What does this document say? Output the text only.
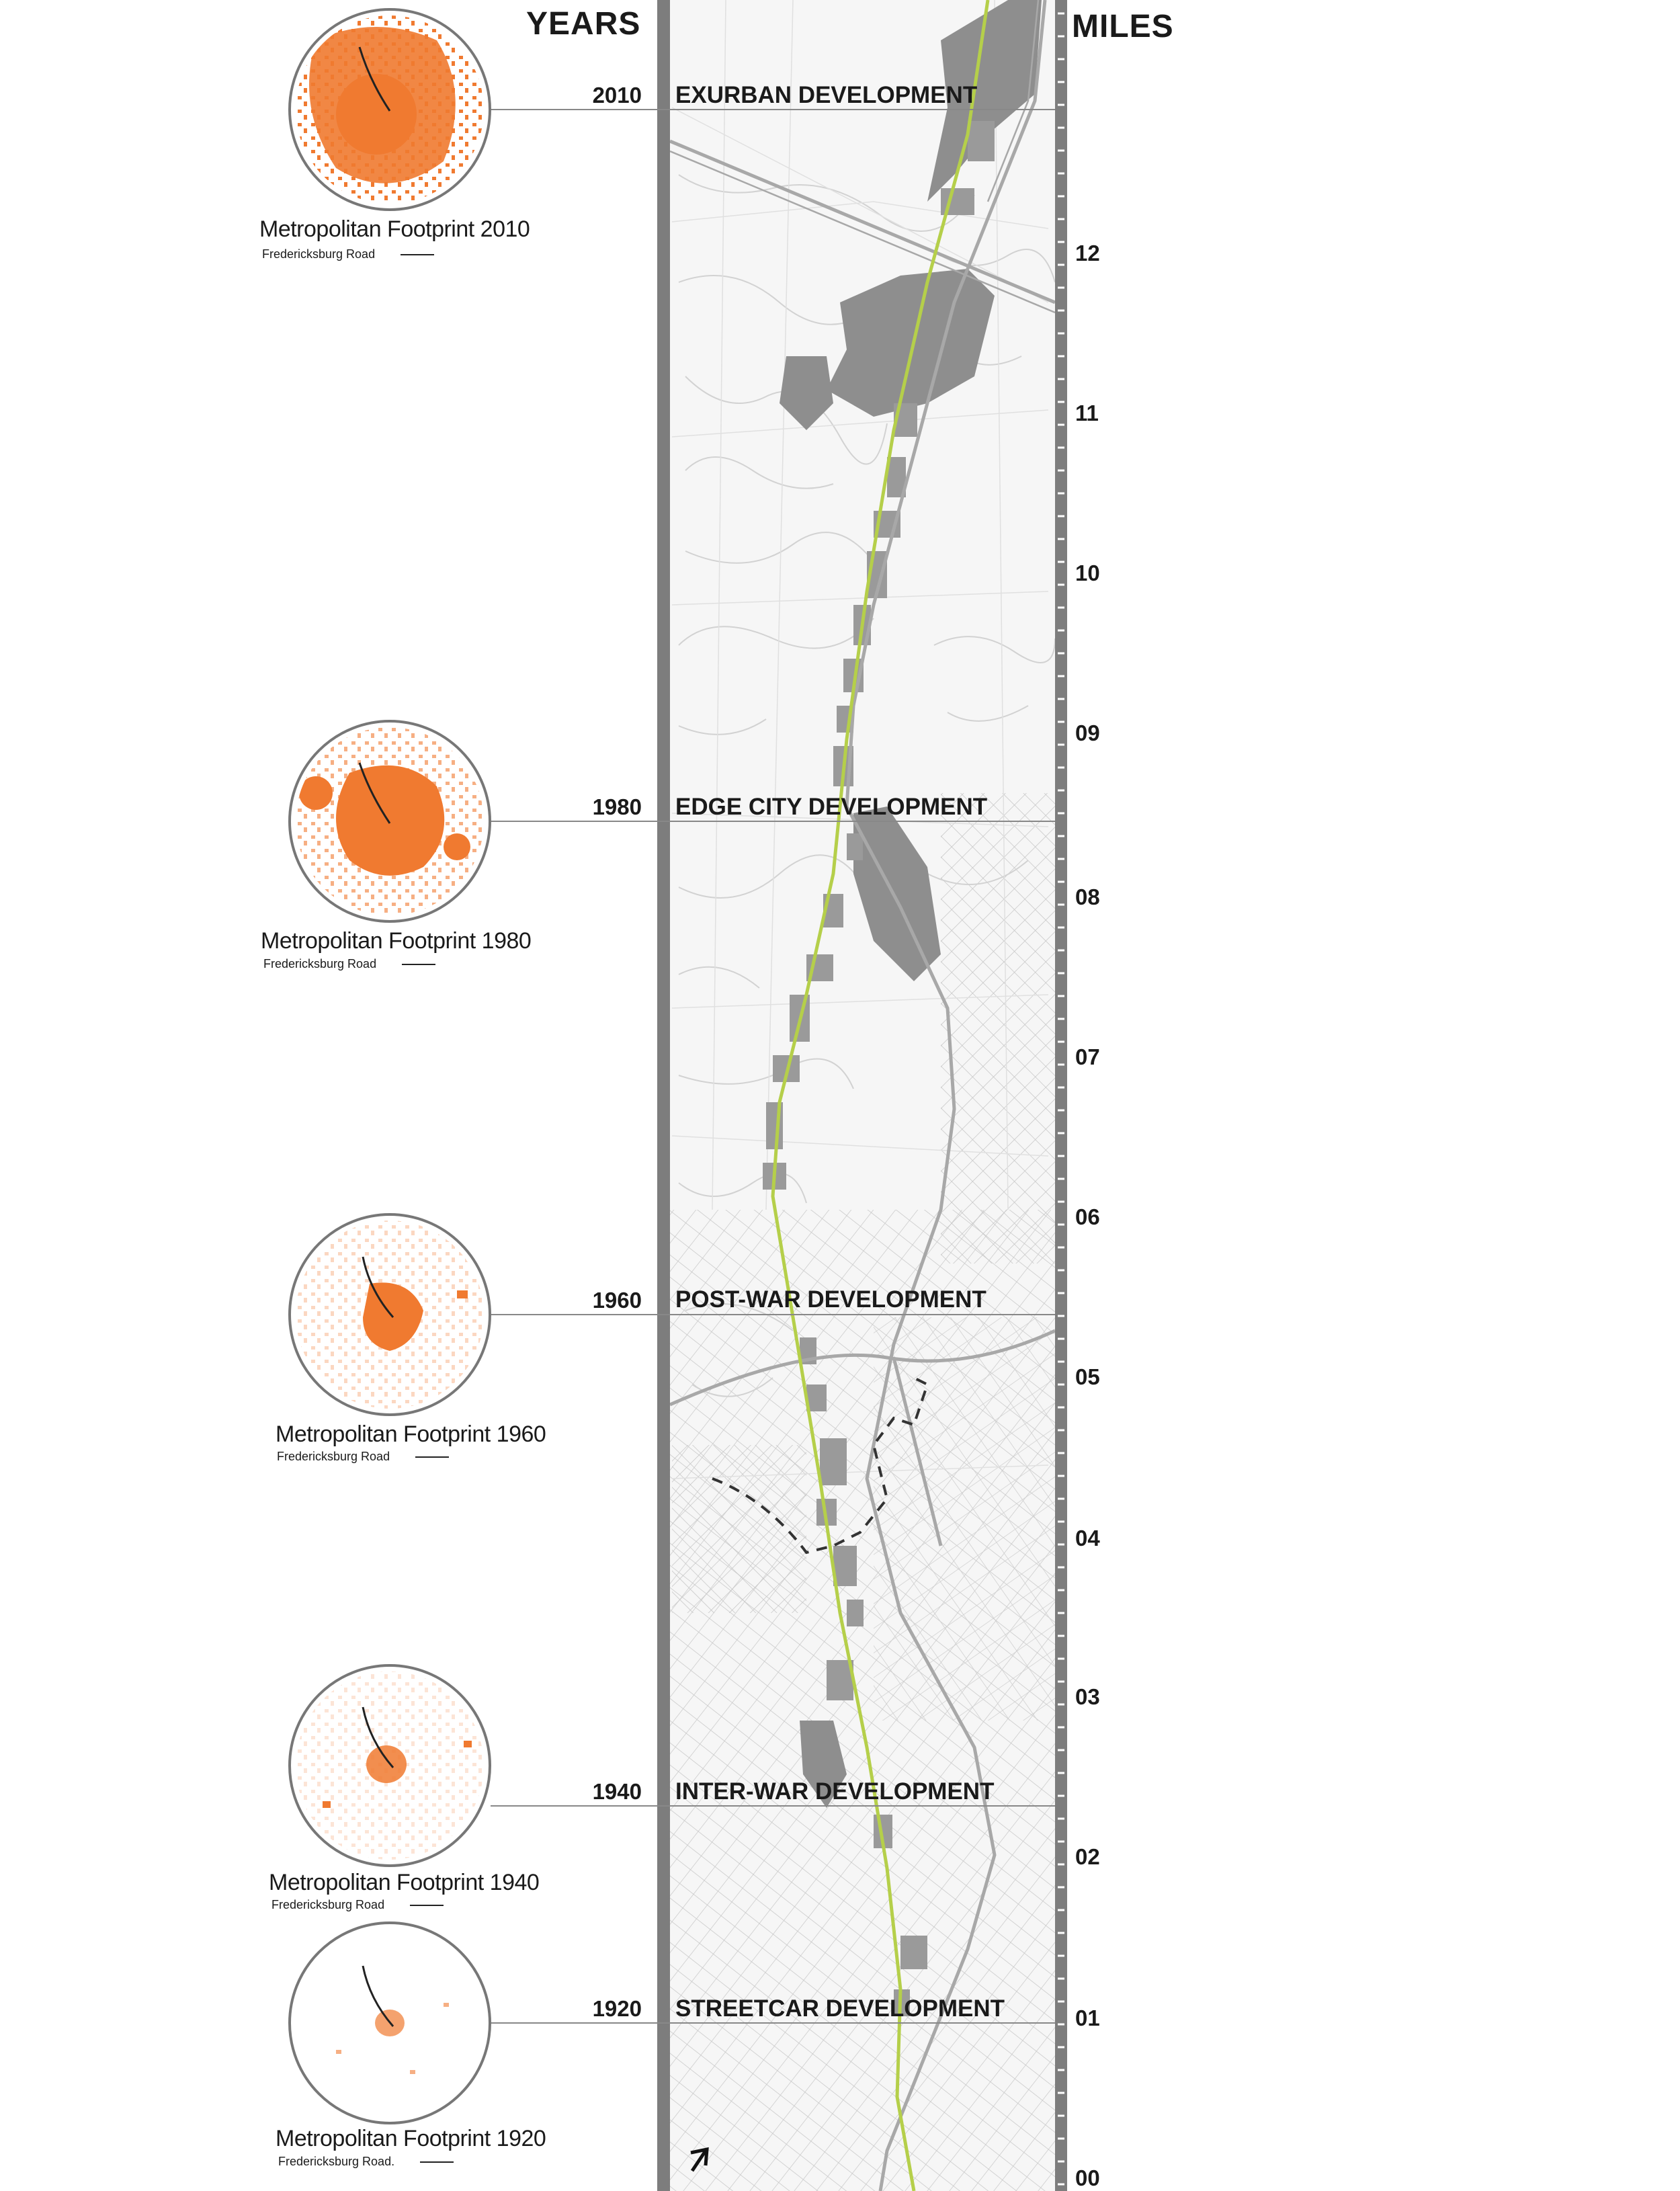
YEARS	MILES
2010
1980
1960
1940
1920
EXURBAN DEVELOPMENT
EDGE CITY DEVELOPMENT
POST-WAR DEVELOPMENT
INTER-WAR DEVELOPMENT
STREETCAR DEVELOPMENT
12
11
10
09
08
07
06
05
04
03
02
01
00
Metropolitan Footprint 2010
Fredericksburg Road
Metropolitan Footprint 1980
Fredericksburg Road
Metropolitan Footprint 1960
Fredericksburg Road
Metropolitan Footprint 1940
Fredericksburg Road
Metropolitan Footprint 1920
Fredericksburg Road.
